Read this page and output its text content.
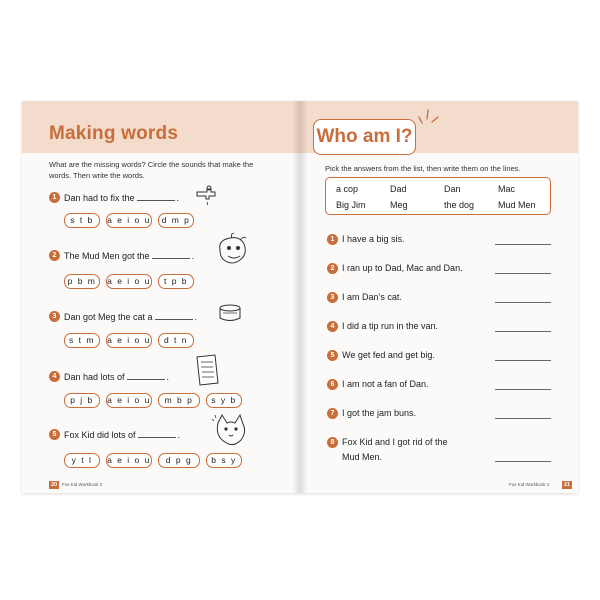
Making words
What are the missing words? Circle the sounds that make the
words. Then write the words.
1 Dan had to fix the	.
s t b	a e i o u	d m p
2 The Mud Men got the	.
p b m	a e i o u	t p b
3 Dan got Meg the cat a	.
s t m	a e i o u	d t n
4 Dan had lots of	.
p j b	a e i o u	m b p	s y b
5 Fox Kid did lots of	.
y t l	a e i o u	d p g	b s y
20	Fox Kid Workbook 2
Who am I?
Pick the answers from the list, then write them on the lines.
a cop	Dad	Dan	Mac
Big Jim	Meg	the dog	Mud Men
1 I have a big sis.
2 I ran up to Dad, Mac and Dan.
3 I am Dan’s cat.
4 I did a tip run in the van.
5 We get fed and get big.
6 I am not a fan of Dan.
7 I got the jam buns.
8 Fox Kid and I got rid of the
Mud Men.
Fox Kid Workbook 2	21
